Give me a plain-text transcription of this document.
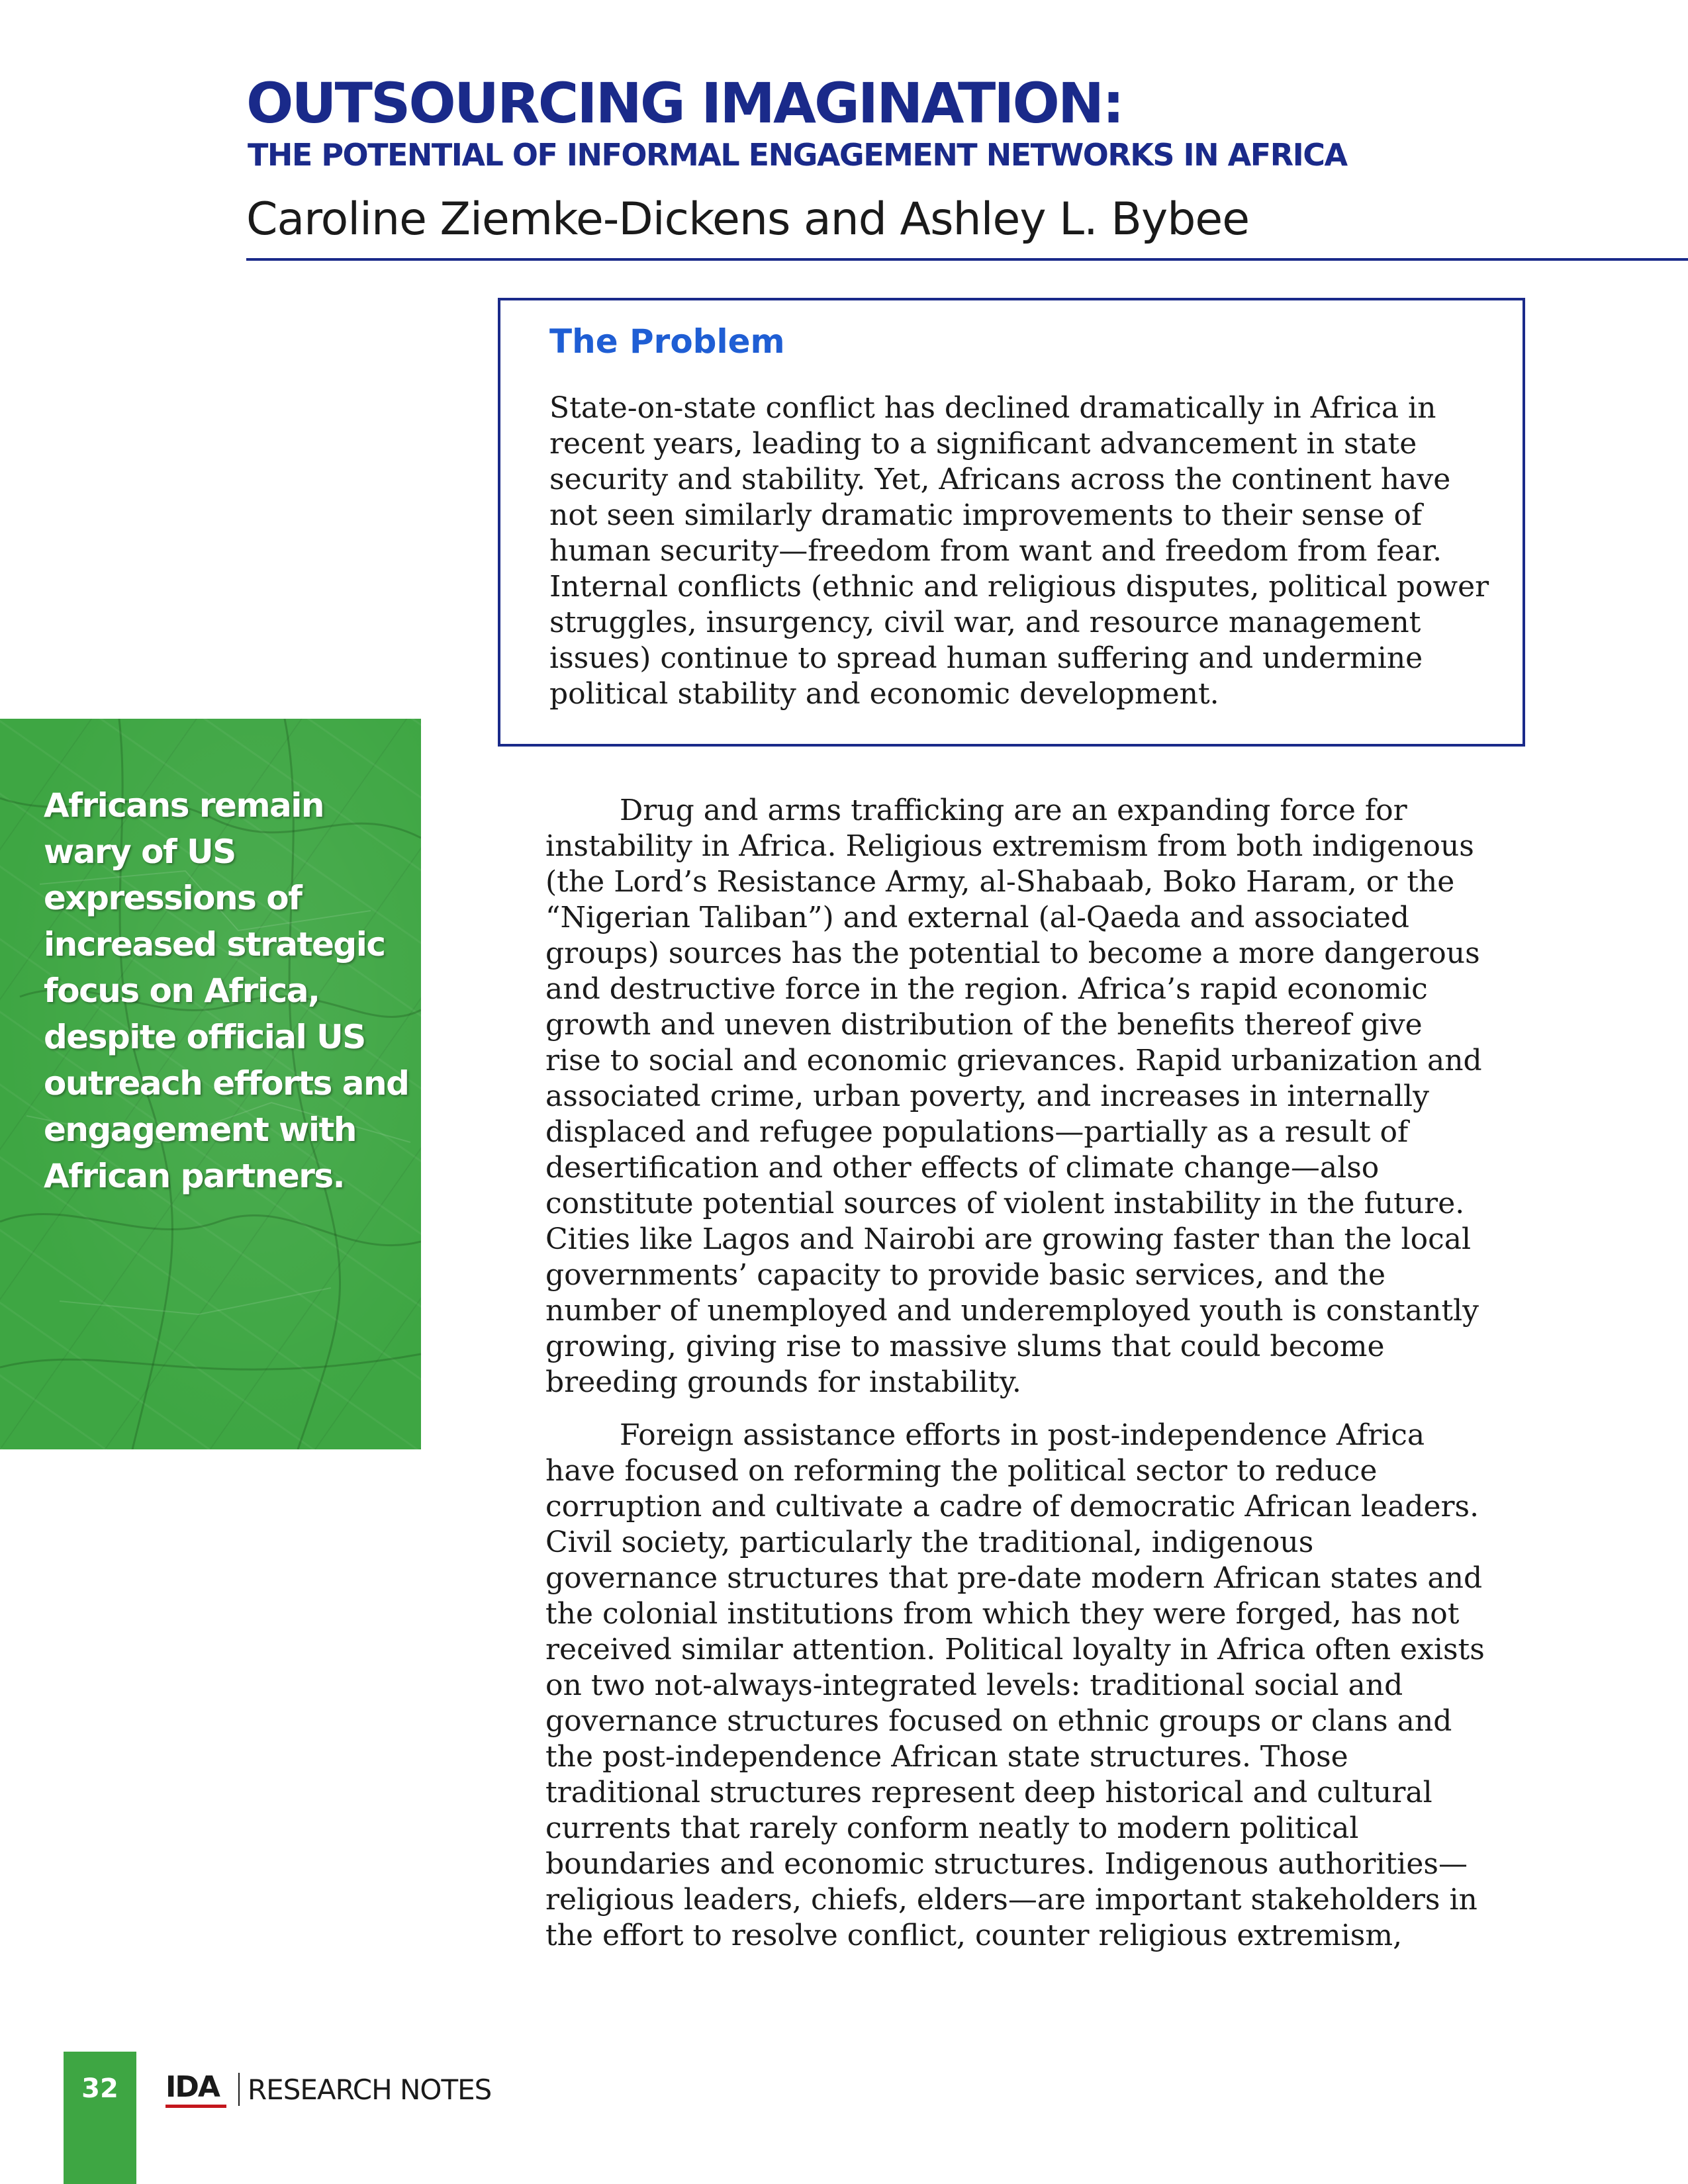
OUTSOURCING IMAGINATION:
THE POTENTIAL OF INFORMAL ENGAGEMENT NETWORKS IN AFRICA
Caroline Ziemke-Dickens and Ashley L. Bybee
The Problem

State-on-state conflict has declined dramatically in Africa in recent years, leading to a significant advancement in state security and stability. Yet, Africans across the continent have not seen similarly dramatic improvements to their sense of human security—freedom from want and freedom from fear. Internal conflicts (ethnic and religious disputes, political power struggles, insurgency, civil war, and resource management issues) continue to spread human suffering and undermine political stability and economic development.

Africans remain wary of US expressions of increased strategic focus on Africa, despite official US outreach efforts and engagement with African partners.

Drug and arms trafficking are an expanding force for instability in Africa. Religious extremism from both indigenous (the Lord’s Resistance Army, al-Shabaab, Boko Haram, or the “Nigerian Taliban”) and external (al-Qaeda and associated groups) sources has the potential to become a more dangerous and destructive force in the region. Africa’s rapid economic growth and uneven distribution of the benefits thereof give rise to social and economic grievances. Rapid urbanization and associated crime, urban poverty, and increases in internally displaced and refugee populations—partially as a result of desertification and other effects of climate change—also constitute potential sources of violent instability in the future. Cities like Lagos and Nairobi are growing faster than the local governments’ capacity to provide basic services, and the number of unemployed and underemployed youth is constantly growing, giving rise to massive slums that could become breeding grounds for instability.

Foreign assistance efforts in post-independence Africa have focused on reforming the political sector to reduce corruption and cultivate a cadre of democratic African leaders. Civil society, particularly the traditional, indigenous governance structures that pre-date modern African states and the colonial institutions from which they were forged, has not received similar attention. Political loyalty in Africa often exists on two not-always-integrated levels: traditional social and governance structures focused on ethnic groups or clans and the post-independence African state structures. Those traditional structures represent deep historical and cultural currents that rarely conform neatly to modern political boundaries and economic structures. Indigenous authorities—religious leaders, chiefs, elders—are important stakeholders in the effort to resolve conflict, counter religious extremism,

32	IDA RESEARCH NOTES
